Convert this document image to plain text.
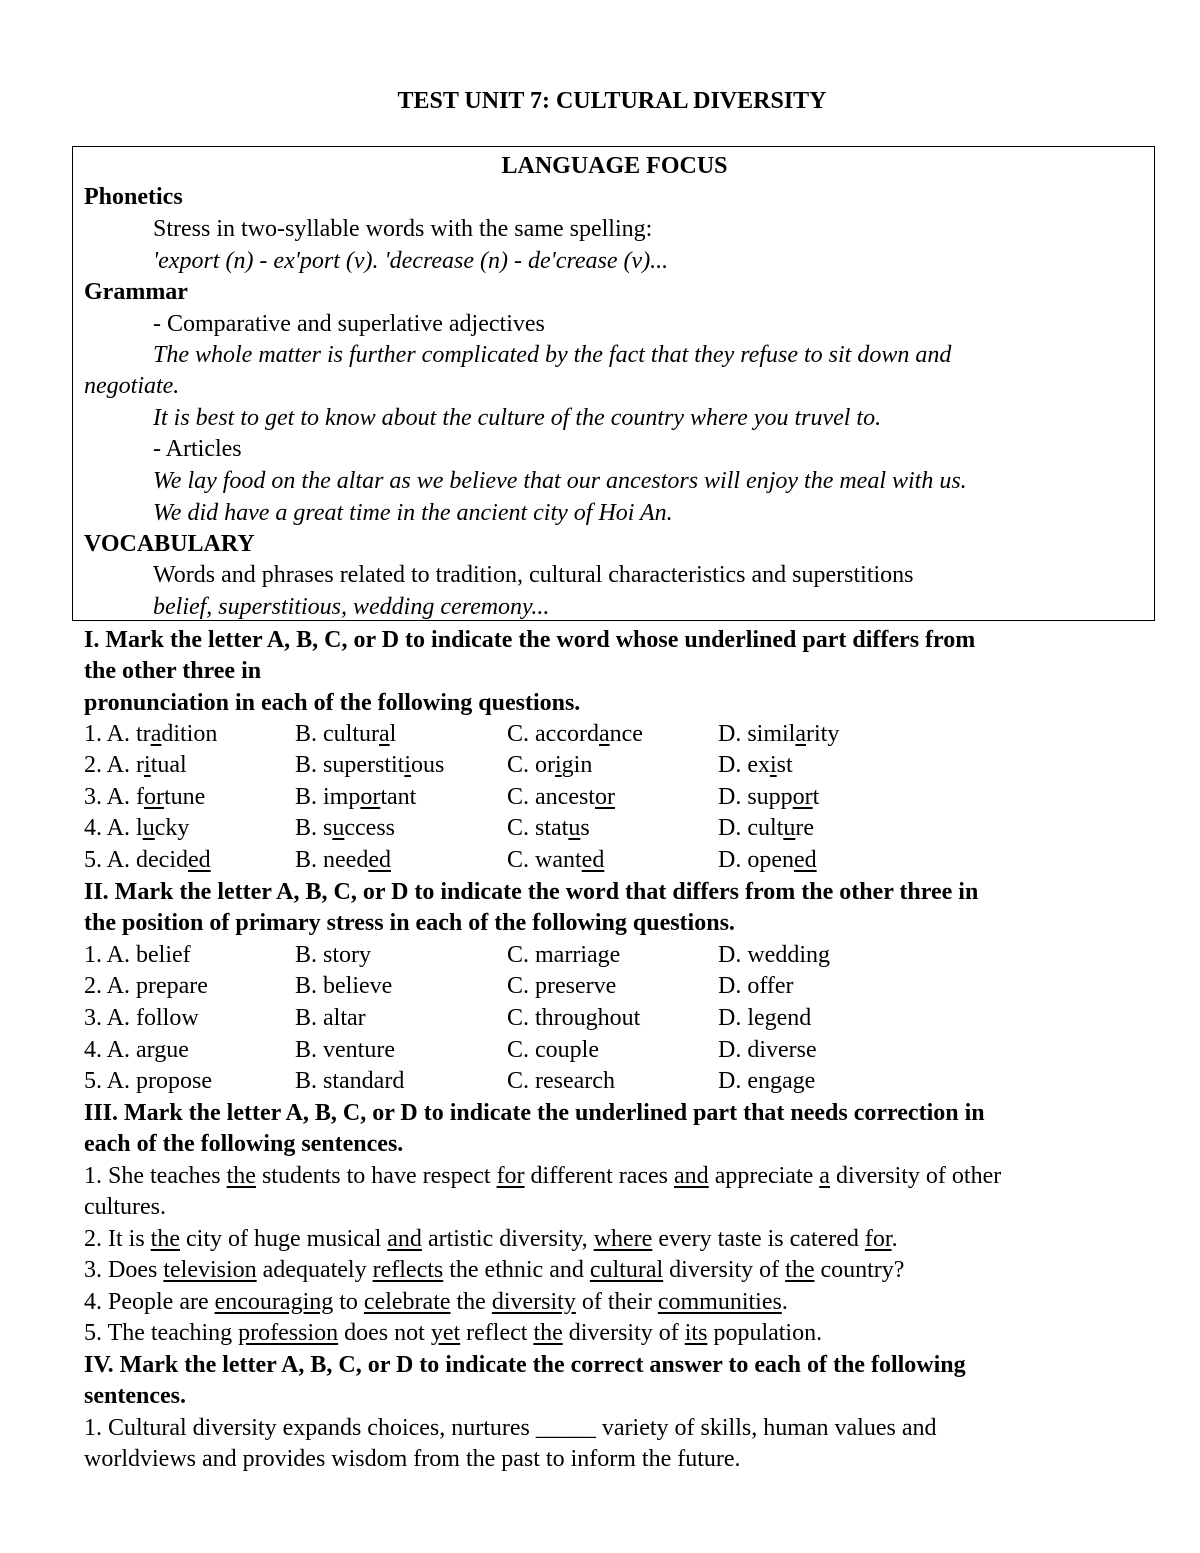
TEST UNIT 7: CULTURAL DIVERSITY
LANGUAGE FOCUS
Phonetics
Stress in two-syllable words with the same spelling:
'export (n) - ex'port (v). 'decrease (n) - de'crease (v)...
Grammar
- Comparative and superlative adjectives
The whole matter is further complicated by the fact that they refuse to sit down and
negotiate.
It is best to get to know about the culture of the country where you truvel to.
- Articles
We lay food on the altar as we believe that our ancestors will enjoy the meal with us.
We did have a great time in the ancient city of Hoi An.
VOCABULARY
Words and phrases related to tradition, cultural characteristics and superstitions
belief, superstitious, wedding ceremony...
I. Mark the letter A, B, C, or D to indicate the word whose underlined part differs from
the other three in
pronunciation in each of the following questions.
1. A. tradition	B. cultural	C. accordance	D. similarity
2. A. ritual	B. superstitious	C. origin	D. exist
3. A. fortune	B. important	C. ancestor	D. support
4. A. lucky	B. success	C. status	D. culture
5. A. decided	B. needed	C. wanted	D. opened
II. Mark the letter A, B, C, or D to indicate the word that differs from the other three in
the position of primary stress in each of the following questions.
1. A. belief	B. story	C. marriage	D. wedding
2. A. prepare	B. believe	C. preserve	D. offer
3. A. follow	B. altar	C. throughout	D. legend
4. A. argue	B. venture	C. couple	D. diverse
5. A. propose	B. standard	C. research	D. engage
III. Mark the letter A, B, C, or D to indicate the underlined part that needs correction in
each of the following sentences.
1. She teaches the students to have respect for different races and appreciate a diversity of other
cultures.
2. It is the city of huge musical and artistic diversity, where every taste is catered for.
3. Does television adequately reflects the ethnic and cultural diversity of the country?
4. People are encouraging to celebrate the diversity of their communities.
5. The teaching profession does not yet reflect the diversity of its population.
IV. Mark the letter A, B, C, or D to indicate the correct answer to each of the following
sentences.
1. Cultural diversity expands choices, nurtures _____ variety of skills, human values and
worldviews and provides wisdom from the past to inform the future.
